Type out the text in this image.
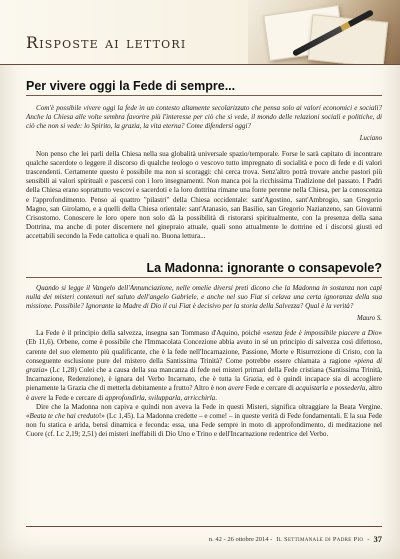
Risposte ai lettori
Per vivere oggi la Fede di sempre...

Com'è possibile vivere oggi la fede in un contesto altamente secolarizzato che pensa solo ai valori economici e sociali? Anche la Chiesa alle volte sembra favorire più l'interesse per ciò che si vede, il mondo delle relazioni sociali e politiche, di ciò che non si vede: lo Spirito, la grazia, la vita eterna? Come difendersi oggi?

Luciano

Non penso che lei parli della Chiesa nella sua globalità universale spazio/temporale. Forse le sarà capitato di incontrare qualche sacerdote o leggere il discorso di qualche teologo o vescovo tutto impregnato di socialità e poco di fede e di valori trascendenti. Certamente questo è possibile ma non si scoraggi: chi cerca trova. Senz'altro potrà trovare anche pastori più sensibili ai valori spirituali e pascersi con i loro insegnamenti. Non manca poi la ricchissima Tradizione del passato. I Padri della Chiesa erano soprattutto vescovi e sacerdoti e la loro dottrina rimane una fonte perenne nella Chiesa, per la conoscenza e l'approfondimento. Penso ai quattro "pilastri" della Chiesa occidentale: sant'Agostino, sant'Ambrogio, san Gregorio Magno, san Girolamo, e a quelli della Chiesa orientale: sant'Atanasio, san Basilio, san Gregorio Nazianzeno, san Giovanni Crisostomo. Conoscere le loro opere non solo dà la possibilità di ristorarsi spiritualmente, con la presenza della sana Dottrina, ma anche di poter discernere nel ginepraio attuale, quali sono attualmente le dottrine ed i discorsi giusti ed accettabili secondo la Fede cattolica e quali no. Buona lettura...

La Madonna: ignorante o consapevole?

Quando si legge il Vangelo dell'Annunciazione, nelle omelie diversi preti dicono che la Madonna in sostanza non capì nulla dei misteri contenuti nel saluto dell'angelo Gabriele, e anche nel suo Fiat si celava una certa ignoranza della sua missione. Possibile? Ignorante la Madre di Dio il cui Fiat è decisivo per la storia della Salvezza? Qual è la verità?

Mauro S.

La Fede è il principio della salvezza, insegna san Tommaso d'Aquino, poiché «senza fede è impossibile piacere a Dio» (Eb 11,6). Orbene, come è possibile che l'Immacolata Concezione abbia avuto in sé un principio di salvezza così difettoso, carente del suo elemento più qualificante, che è la fede nell'Incarnazione, Passione, Morte e Risurrezione di Cristo, con la conseguente esclusione pure del mistero della Santissima Trinità? Come potrebbe essere chiamata a ragione «piena di grazia» (Lc 1,28) Colei che a causa della sua mancanza di fede nei misteri primari della Fede cristiana (Santissima Trinità, Incarnazione, Redenzione), è ignara del Verbo Incarnato, che è tutta la Grazia, ed è quindi incapace sia di accogliere pienamente la Grazia che di metterla debitamente a frutto? Altro è non avere Fede e cercare di acquistarla e possederla, altro è avere la Fede e cercare di approfondirla, svilupparla, arricchirla.

Dire che la Madonna non capiva e quindi non aveva la Fede in questi Misteri, significa oltraggiare la Beata Vergine. «Beata te che hai creduto!» (Lc 1,45). La Madonna credette – e come! – in queste verità di Fede fondamentali. E la sua Fede non fu statica e arida, bensì dinamica e feconda: essa, una Fede sempre in moto di approfondimento, di meditazione nel Cuore (cf. Lc 2,19; 2,51) dei misteri ineffabili di Dio Uno e Trino e dell'Incarnazione redentrice del Verbo.

n. 42 - 26 ottobre 2014 - Il Settimanale di Padre Pio - 37
